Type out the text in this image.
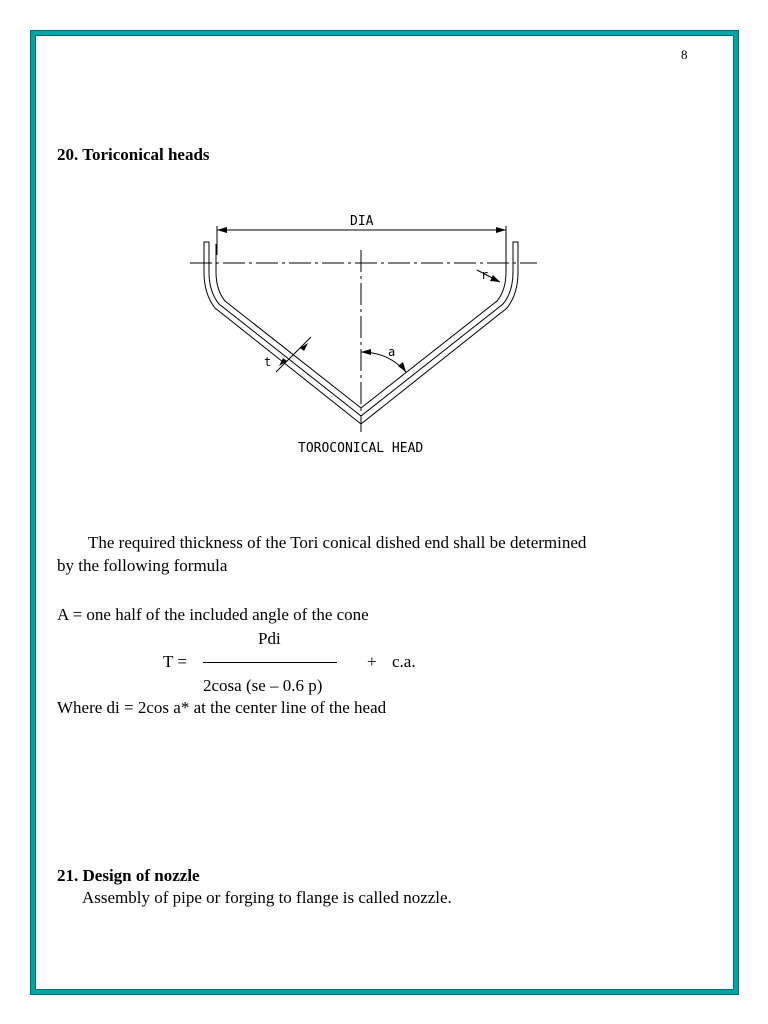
8
20. Toriconical heads
DIA
r
a
t
TOROCONICAL HEAD
The required thickness of the Tori conical dished end shall be determined
by the following formula
A = one half of the included angle of the cone
Pdi
T =	+ c.a.
2cosa (se – 0.6 p)
Where di = 2cos a* at the center line of the head
21. Design of nozzle
Assembly of pipe or forging to flange is called nozzle.
